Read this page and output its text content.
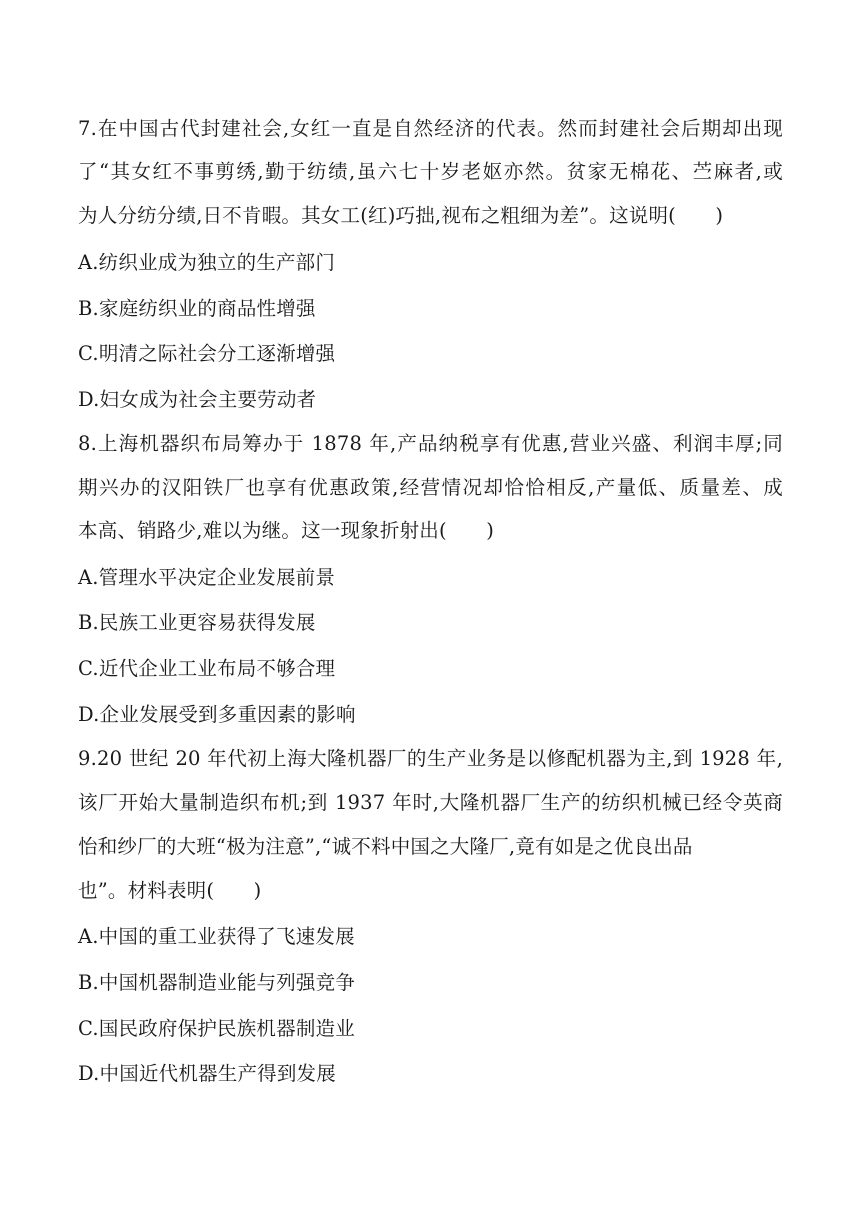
7.在中国古代封建社会,女红一直是自然经济的代表。然而封建社会后期却出现
了“其女红不事剪绣,勤于纺绩,虽六七十岁老妪亦然。贫家无棉花、苎麻者,或
为人分纺分绩,日不肯暇。其女工(红)巧拙,视布之粗细为差”。这说明(　　)
A.纺织业成为独立的生产部门
B.家庭纺织业的商品性增强
C.明清之际社会分工逐渐增强
D.妇女成为社会主要劳动者
8.上海机器织布局筹办于 1878 年,产品纳税享有优惠,营业兴盛、利润丰厚;同
期兴办的汉阳铁厂也享有优惠政策,经营情况却恰恰相反,产量低、质量差、成
本高、销路少,难以为继。这一现象折射出(　　)
A.管理水平决定企业发展前景
B.民族工业更容易获得发展
C.近代企业工业布局不够合理
D.企业发展受到多重因素的影响
9.20 世纪 20 年代初上海大隆机器厂的生产业务是以修配机器为主,到 1928 年,
该厂开始大量制造织布机;到 1937 年时,大隆机器厂生产的纺织机械已经令英商
怡和纱厂的大班“极为注意”,“诚不料中国之大隆厂,竟有如是之优良出品
也”。材料表明(　　)
A.中国的重工业获得了飞速发展
B.中国机器制造业能与列强竞争
C.国民政府保护民族机器制造业
D.中国近代机器生产得到发展
